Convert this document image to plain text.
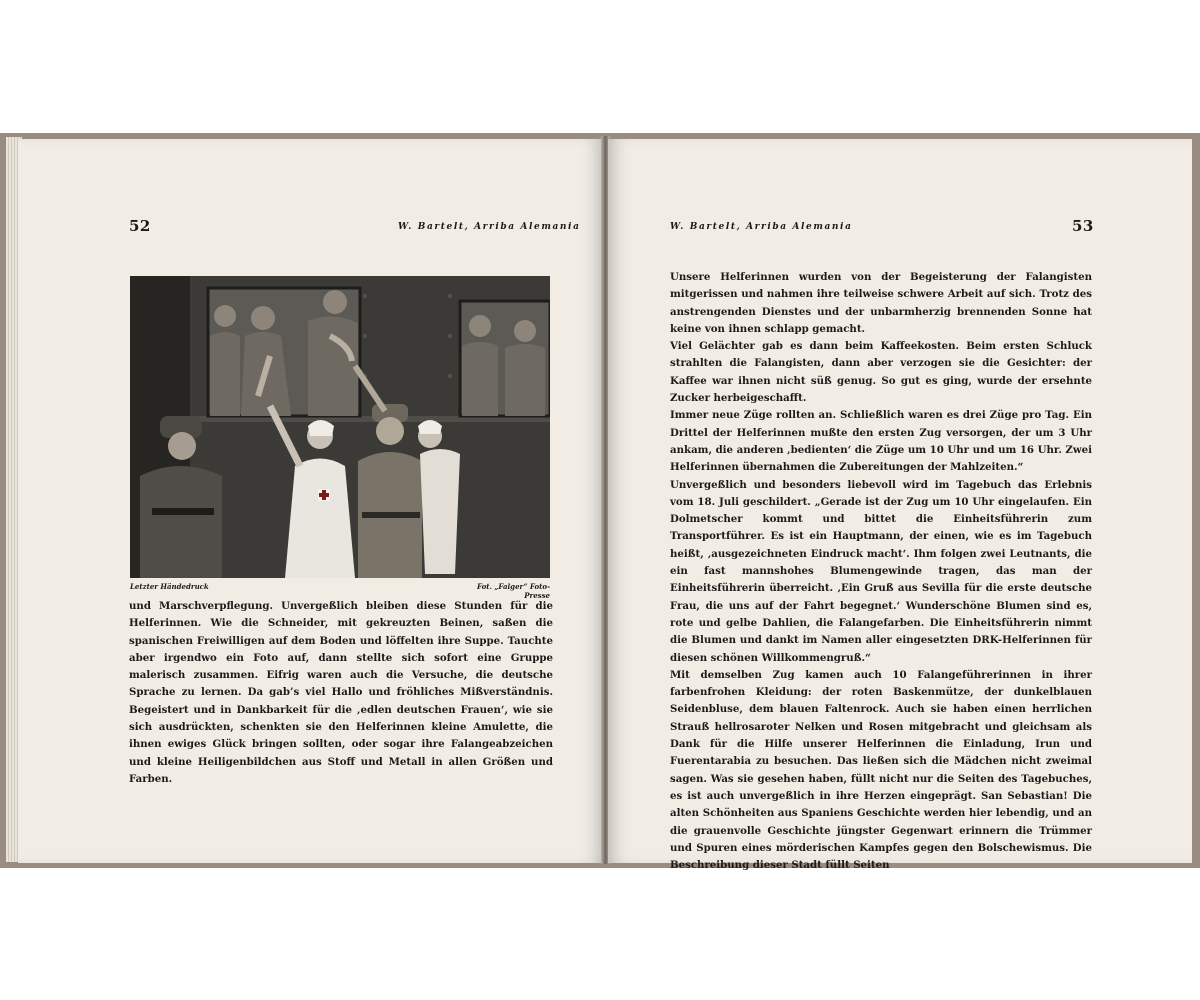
52	W. Bartelt, Arriba Alemania
Letzter Händedruck	Fot. „Falger“ Foto-Presse

und Marschverpflegung. Unvergeßlich bleiben diese Stunden für die Helferinnen. Wie die Schneider, mit gekreuzten Beinen, saßen die spanischen Freiwilligen auf dem Boden und löffelten ihre Suppe. Tauchte aber irgendwo ein Foto auf, dann stellte sich sofort eine Gruppe malerisch zusammen. Eifrig waren auch die Versuche, die deutsche Sprache zu lernen. Da gab’s viel Hallo und fröhliches Mißverständnis. Begeistert und in Dankbarkeit für die ‚edlen deutschen Frauen‘, wie sie sich ausdrückten, schenkten sie den Helferinnen kleine Amulette, die ihnen ewiges Glück bringen sollten, oder sogar ihre Falangeabzeichen und kleine Heiligenbildchen aus Stoff und Metall in allen Größen und Farben.

W. Bartelt, Arriba Alemania	53

Unsere Helferinnen wurden von der Begeisterung der Falangisten mitgerissen und nahmen ihre teilweise schwere Arbeit auf sich. Trotz des anstrengenden Dienstes und der unbarmherzig brennenden Sonne hat keine von ihnen schlapp gemacht.

Viel Gelächter gab es dann beim Kaffeekosten. Beim ersten Schluck strahlten die Falangisten, dann aber verzogen sie die Gesichter: der Kaffee war ihnen nicht süß genug. So gut es ging, wurde der ersehnte Zucker herbeigeschafft.

Immer neue Züge rollten an. Schließlich waren es drei Züge pro Tag. Ein Drittel der Helferinnen mußte den ersten Zug versorgen, der um 3 Uhr ankam, die anderen ‚bedienten‘ die Züge um 10 Uhr und um 16 Uhr. Zwei Helferinnen übernahmen die Zubereitungen der Mahlzeiten.“

Unvergeßlich und besonders liebevoll wird im Tagebuch das Erlebnis vom 18. Juli geschildert. „Gerade ist der Zug um 10 Uhr eingelaufen. Ein Dolmetscher kommt und bittet die Einheitsführerin zum Transportführer. Es ist ein Hauptmann, der einen, wie es im Tagebuch heißt, ‚ausgezeichneten Eindruck macht‘. Ihm folgen zwei Leutnants, die ein fast mannshohes Blumengewinde tragen, das man der Einheitsführerin überreicht. ‚Ein Gruß aus Sevilla für die erste deutsche Frau, die uns auf der Fahrt begegnet.‘ Wunderschöne Blumen sind es, rote und gelbe Dahlien, die Falangefarben. Die Einheitsführerin nimmt die Blumen und dankt im Namen aller eingesetzten DRK-Helferinnen für diesen schönen Willkommengruß.“

Mit demselben Zug kamen auch 10 Falangeführerinnen in ihrer farbenfrohen Kleidung: der roten Baskenmütze, der dunkelblauen Seidenbluse, dem blauen Faltenrock. Auch sie haben einen herrlichen Strauß hellrosaroter Nelken und Rosen mitgebracht und gleichsam als Dank für die Hilfe unserer Helferinnen die Einladung, Irun und Fuerentarabia zu besuchen. Das ließen sich die Mädchen nicht zweimal sagen. Was sie gesehen haben, füllt nicht nur die Seiten des Tagebuches, es ist auch unvergeßlich in ihre Herzen eingeprägt. San Sebastian! Die alten Schönheiten aus Spaniens Geschichte werden hier lebendig, und an die grauenvolle Geschichte jüngster Gegenwart erinnern die Trümmer und Spuren eines mörderischen Kampfes gegen den Bolschewismus. Die Beschreibung dieser Stadt füllt Seiten
